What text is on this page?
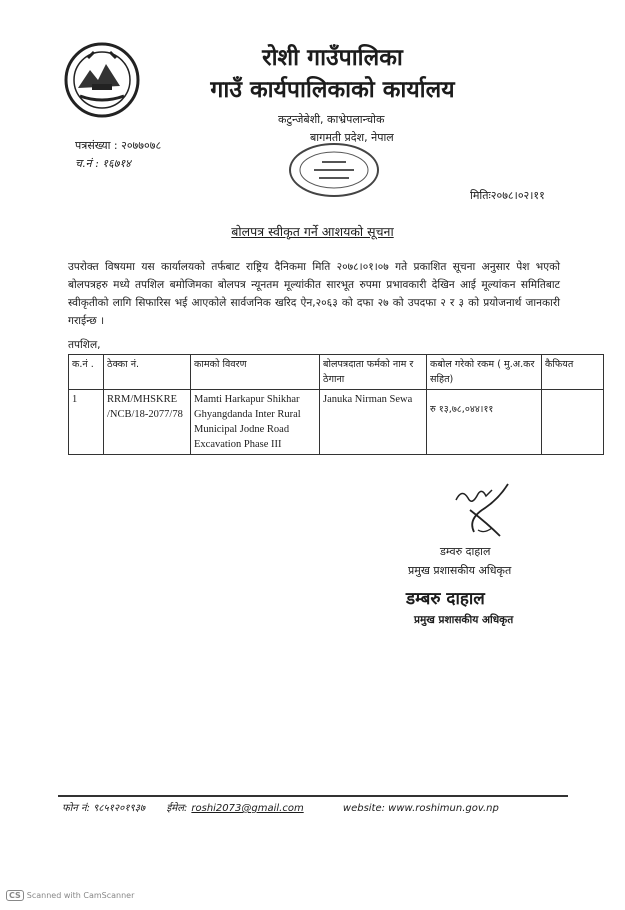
रोशी गाउँपालिका
गाउँ कार्यपालिकाको कार्यालय
कटुन्जेबेशी, काभ्रेपलान्चोक
बागमती प्रदेश, नेपाल
पत्रसंख्या : २०७७०७८
च.नं : १६७१४
मितिः२०७८।०२।११
बोलपत्र स्वीकृत गर्ने आशयको सूचना
उपरोक्त विषयमा यस कार्यालयको तर्फबाट राष्ट्रिय दैनिकमा मिति २०७८।०१।०७ गते प्रकाशित सूचना अनुसार पेश भएको बोलपत्रहरु मध्ये तपशिल बमोजिमका बोलपत्र न्यूनतम मूल्यांकीत सारभूत रुपमा प्रभावकारी देखिन आई मूल्यांकन समितिबाट स्वीकृतीको लागि सिफारिस भई आएकोले सार्वजनिक खरिद ऐन,२०६३ को दफा २७ को उपदफा २ र ३ को प्रयोजनार्थ जानकारी गराईन्छ ।
तपशिल,
क.नं .	ठेक्का नं.	कामको विवरण	बोलपत्रदाता फर्मको नाम र ठेगाना	कबोल गरेको रकम ( मु.अ.कर सहित)	कैफियत
1	RRM/MHSKRE /NCB/18-2077/78	Mamti Harkapur Shikhar Ghyangdanda Inter Rural Municipal Jodne Road Excavation Phase III	Januka Nirman Sewa	रु १३,७८,०४४।११	
डम्वरु दाहाल
प्रमुख प्रशासकीय अधिकृत
डम्बरु दाहाल
प्रमुख प्रशासकीय अधिकृत
फोन नं: ९८५१२०१९३७ ईमेल: roshi2073@gmail.com	website: www.roshimun.gov.np
CS Scanned with CamScanner
